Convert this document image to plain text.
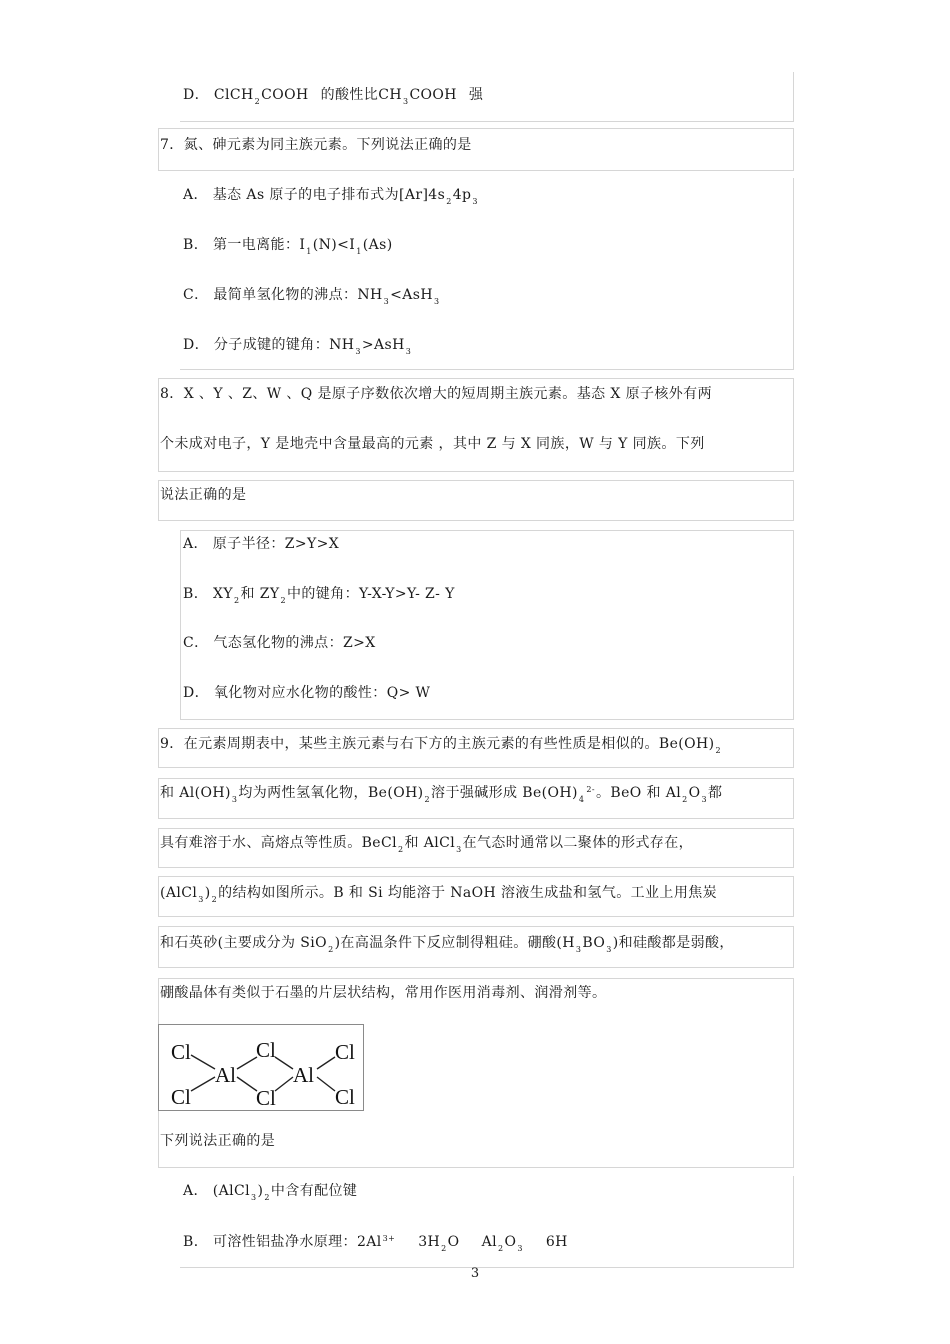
D． ClCH$_2$COOH 的酸性比$CH_3COOH$ 强
7．氮、砷元素为同主族元素。下列说法正确的是
A． 基态 As 原子的电子排布式为$[Ar]4s_24p_3$
B． 第一电离能：$I_1(N)<I_1(As)$
C． 最简单氢化物的沸点：$NH_3<AsH_3$
D． 分子成键的键角：$NH_3>AsH_3$
8．X 、Y 、Z、W 、Q 是原子序数依次增大的短周期主族元素。基态 X 原子核外有两
个未成对电子，Y 是地壳中含量最高的元素 ，其中 Z 与 X 同族，W 与 Y 同族。下列
说法正确的是
A． 原子半径：Z>Y>X
B． $XY_2$和 $ZY_2$中的键角：Y-X-Y>Y- Z- Y
C． 气态氢化物的沸点：Z>X
D． 氧化物对应水化物的酸性：Q> W
9．在元素周期表中，某些主族元素与右下方的主族元素的有些性质是相似的。$Be(OH)_2$
和 $Al(OH)_3$均为两性氢氧化物，$Be(OH)_2$溶于强碱形成 $Be(OH)_4^{2-}$。BeO 和 $Al_2O_3$都
具有难溶于水、高熔点等性质。BeCl$_2$和 AlCl$_3$在气态时通常以二聚体的形式存在，
$(AlCl_3)_2$的结构如图所示。B 和 Si 均能溶于 NaOH 溶液生成盐和氢气。工业上用焦炭
和石英砂(主要成分为 SiO$_2$)在高温条件下反应制得粗硅。硼酸$(H_3BO_3)$和硅酸都是弱酸，
硼酸晶体有类似于石墨的片层状结构，常用作医用消毒剂、润滑剂等。
Cl
Cl
Al
Cl
Cl
Al
Cl
Cl
下列说法正确的是
A． $(AlCl_3)_2$中含有配位键
B． 可溶性铝盐净水原理：$2Al^{3+}$ $3H_2O$ $Al_2O_3$ 6H
3
